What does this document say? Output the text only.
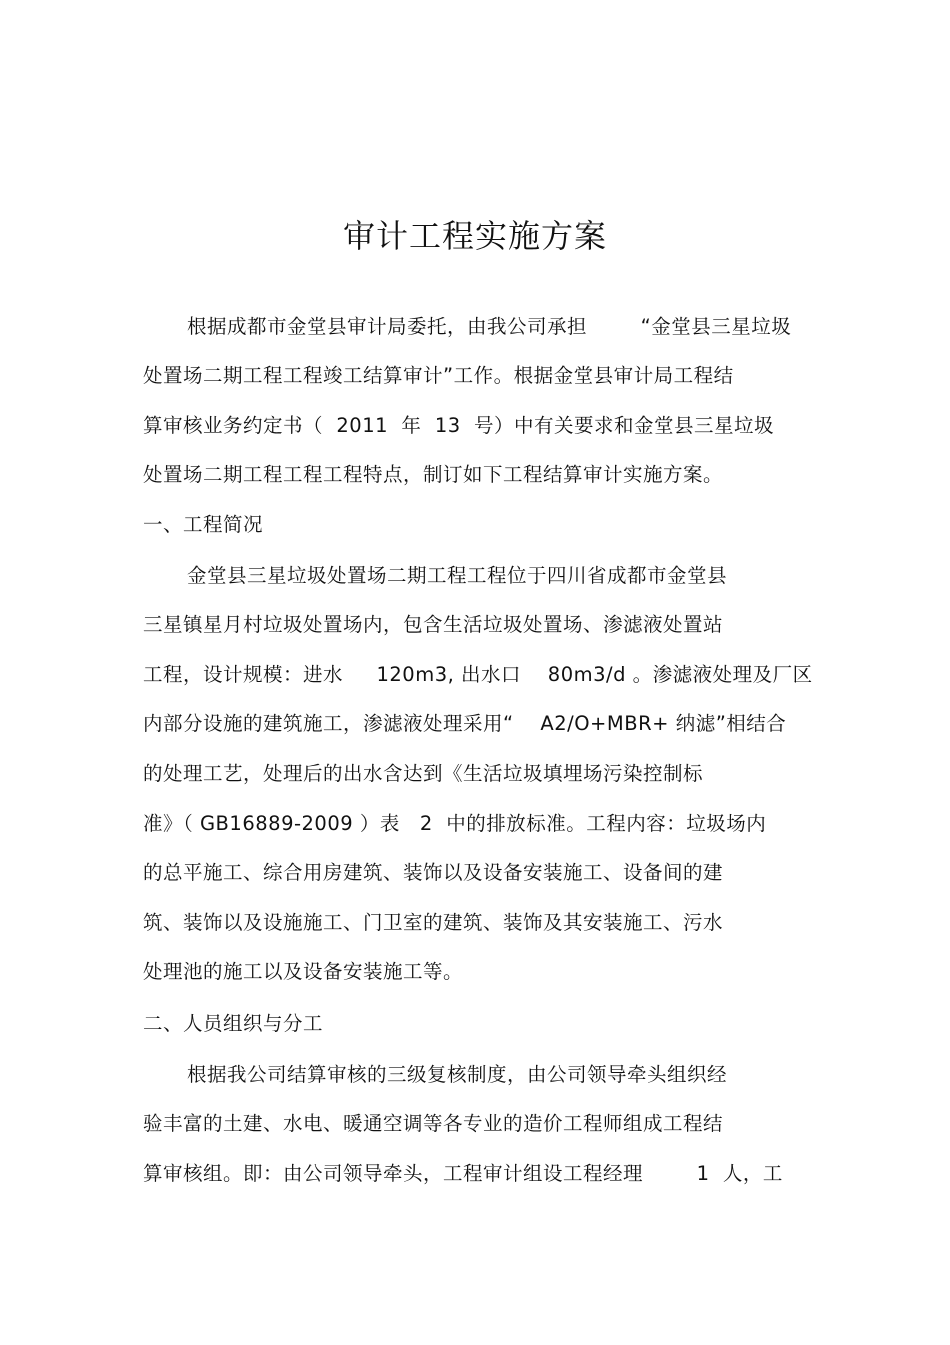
审计工程实施方案
根据成都市金堂县审计局委托，由我公司承担        “金堂县三星垃圾
处置场二期工程工程竣工结算审计”工作。根据金堂县审计局工程结
算审核业务约定书（  2011  年  13  号）中有关要求和金堂县三星垃圾
处置场二期工程工程工程特点，制订如下工程结算审计实施方案。
一、工程简况
金堂县三星垃圾处置场二期工程工程位于四川省成都市金堂县
三星镇星月村垃圾处置场内，包含生活垃圾处置场、渗滤液处置站
工程，设计规模：进水     120m3, 出水口    80m3/d 。渗滤液处理及厂区
内部分设施的建筑施工，渗滤液处理采用“    A2/O+MBR+ 纳滤”相结合
的处理工艺，处理后的出水含达到《生活垃圾填埋场污染控制标
准》（ GB16889-2009 ）表   2  中的排放标准。工程内容：垃圾场内
的总平施工、综合用房建筑、装饰以及设备安装施工、设备间的建
筑、装饰以及设施施工、门卫室的建筑、装饰及其安装施工、污水
处理池的施工以及设备安装施工等。
二、人员组织与分工
根据我公司结算审核的三级复核制度，由公司领导牵头组织经
验丰富的土建、水电、暖通空调等各专业的造价工程师组成工程结
算审核组。即：由公司领导牵头，工程审计组设工程经理        1  人，工
